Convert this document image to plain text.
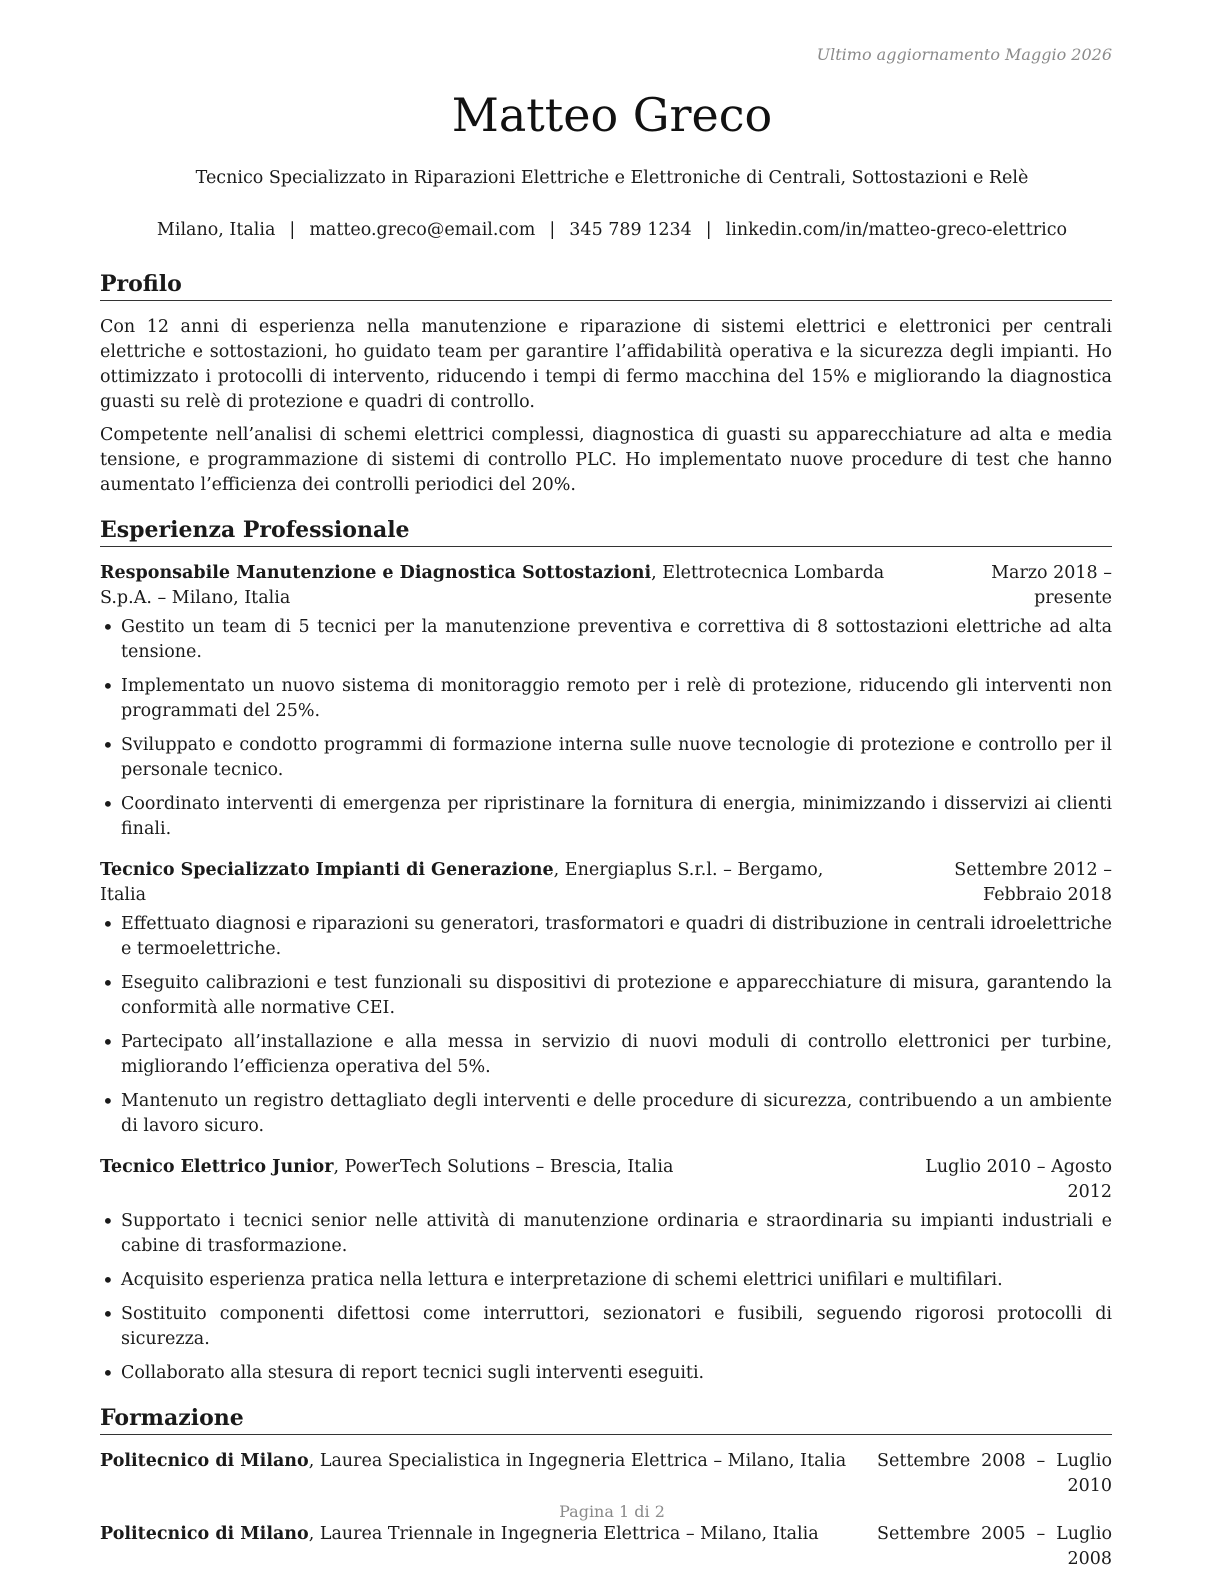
Ultimo aggiornamento Maggio 2026
Matteo Greco
Tecnico Specializzato in Riparazioni Elettriche e Elettroniche di Centrali, Sottostazioni e Relè
Milano, Italia | matteo.greco@email.com | 345 789 1234 | linkedin.com/in/matteo-greco-elettrico
Profilo

Con 12 anni di esperienza nella manutenzione e riparazione di sistemi elettrici e elettronici per centrali elettriche e sottostazioni, ho guidato team per garantire l’affidabilità operativa e la sicurezza degli impianti. Ho ottimizzato i protocolli di intervento, riducendo i tempi di fermo macchina del 15% e migliorando la diagnostica guasti su relè di protezione e quadri di controllo.

Competente nell’analisi di schemi elettrici complessi, diagnostica di guasti su apparecchiature ad alta e media tensione, e programmazione di sistemi di controllo PLC. Ho implementato nuove procedure di test che hanno aumentato l’efficienza dei controlli periodici del 20%.

Esperienza Professionale
Responsabile Manutenzione e Diagnostica Sottostazioni, Elettrotecnica Lombarda S.p.A. – Milano, Italia
Marzo 2018 – presente
• Gestito un team di 5 tecnici per la manutenzione preventiva e correttiva di 8 sottostazioni elettriche ad alta tensione.
• Implementato un nuovo sistema di monitoraggio remoto per i relè di protezione, riducendo gli interventi non programmati del 25%.
• Sviluppato e condotto programmi di formazione interna sulle nuove tecnologie di protezione e controllo per il personale tecnico.
• Coordinato interventi di emergenza per ripristinare la fornitura di energia, minimizzando i disservizi ai clienti finali.
Tecnico Specializzato Impianti di Generazione, Energiaplus S.r.l. – Bergamo, Italia
Settembre 2012 – Febbraio 2018
• Effettuato diagnosi e riparazioni su generatori, trasformatori e quadri di distribuzione in centrali idroelettriche e termoelettriche.
• Eseguito calibrazioni e test funzionali su dispositivi di protezione e apparecchiature di misura, garantendo la conformità alle normative CEI.
• Partecipato all’installazione e alla messa in servizio di nuovi moduli di controllo elettronici per turbine, migliorando l’efficienza operativa del 5%.
• Mantenuto un registro dettagliato degli interventi e delle procedure di sicurezza, contribuendo a un ambiente di lavoro sicuro.
Tecnico Elettrico Junior, PowerTech Solutions – Brescia, Italia	Luglio 2010 – Agosto 2012
• Supportato i tecnici senior nelle attività di manutenzione ordinaria e straordinaria su impianti industriali e cabine di trasformazione.
• Acquisito esperienza pratica nella lettura e interpretazione di schemi elettrici unifilari e multifilari.
• Sostituito componenti difettosi come interruttori, sezionatori e fusibili, seguendo rigorosi protocolli di sicurezza.
• Collaborato alla stesura di report tecnici sugli interventi eseguiti.
Formazione
Politecnico di Milano, Laurea Specialistica in Ingegneria Elettrica – Milano, Italia	Settembre 2008 – Luglio 2010
Politecnico di Milano, Laurea Triennale in Ingegneria Elettrica – Milano, Italia	Settembre 2005 – Luglio 2008
Pagina 1 di 2
